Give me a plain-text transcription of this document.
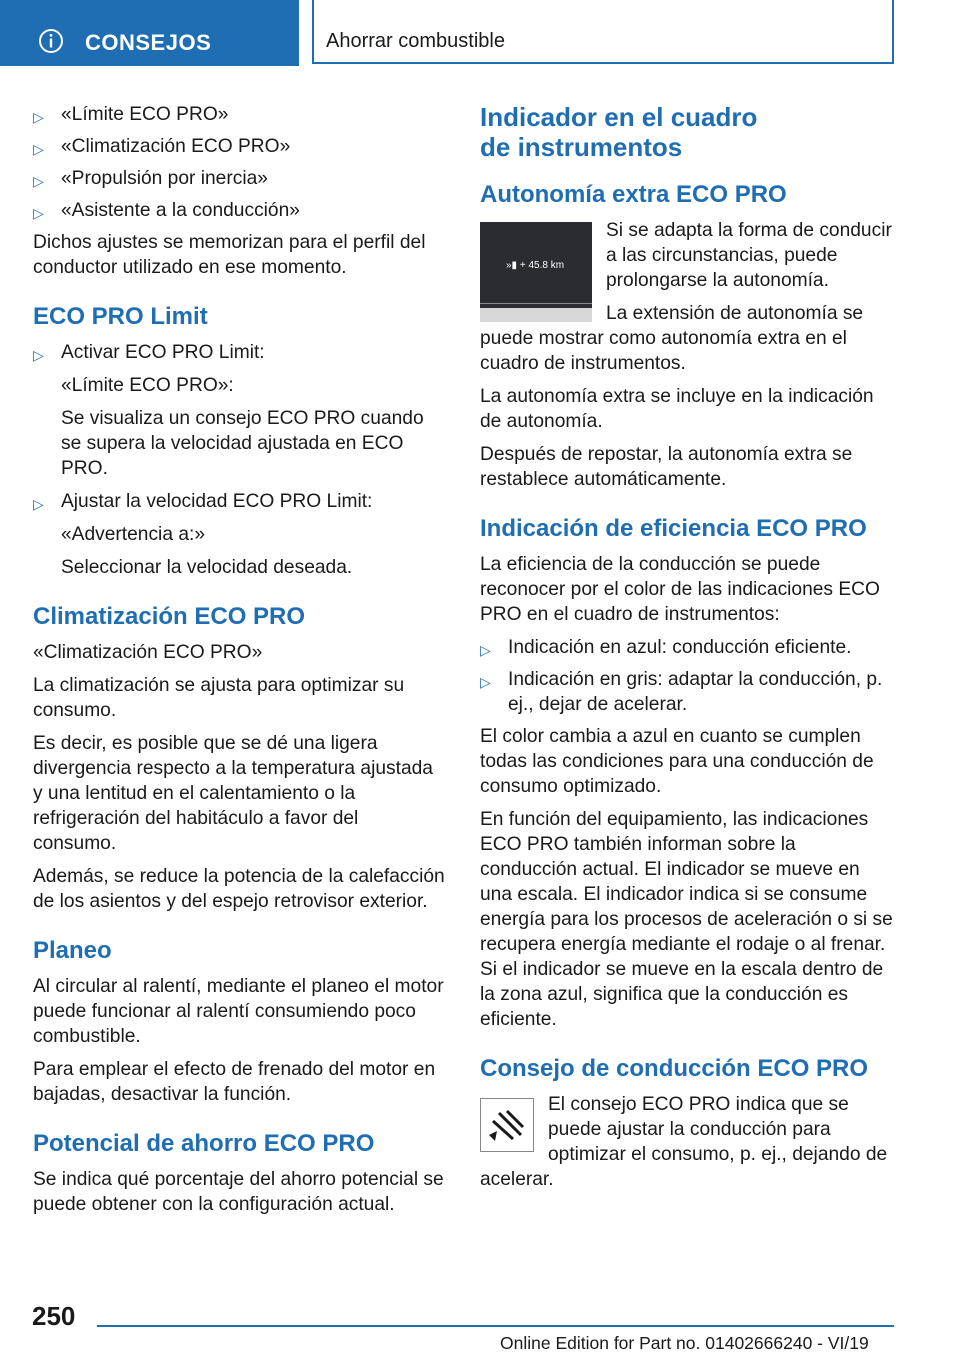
CONSEJOS	Ahorrar combustible
▷ «Límite ECO PRO»
▷ «Climatización ECO PRO»
▷ «Propulsión por inercia»
▷ «Asistente a la conducción»

Dichos ajustes se memorizan para el perfil del conductor utilizado en ese momento.

ECO PRO Limit
▷ Activar ECO PRO Limit:

«Límite ECO PRO»:

Se visualiza un consejo ECO PRO cuando se supera la velocidad ajustada en ECO PRO.

▷ Ajustar la velocidad ECO PRO Limit:

«Advertencia a:»

Seleccionar la velocidad deseada.

Climatización ECO PRO

«Climatización ECO PRO»

La climatización se ajusta para optimizar su consumo.

Es decir, es posible que se dé una ligera divergencia respecto a la temperatura ajustada y una lentitud en el calentamiento o la refrigeración del habitáculo a favor del consumo.

Además, se reduce la potencia de la calefacción de los asientos y del espejo retrovisor exterior.

Planeo

Al circular al ralentí, mediante el planeo el motor puede funcionar al ralentí consumiendo poco combustible.

Para emplear el efecto de frenado del motor en bajadas, desactivar la función.

Potencial de ahorro ECO PRO

Se indica qué porcentaje del ahorro potencial se puede obtener con la configuración actual.

Indicador en el cuadro de instrumentos
Autonomía extra ECO PRO
»▮ + 45.8 km

Si se adapta la forma de conducir a las circunstancias, puede prolongarse la autonomía.

La extensión de autonomía se puede mostrar como autonomía extra en el cuadro de instrumentos.

La autonomía extra se incluye en la indicación de autonomía.

Después de repostar, la autonomía extra se restablece automáticamente.

Indicación de eficiencia ECO PRO

La eficiencia de la conducción se puede reconocer por el color de las indicaciones ECO PRO en el cuadro de instrumentos:

▷ Indicación en azul: conducción eficiente.
▷ Indicación en gris: adaptar la conducción, p. ej., dejar de acelerar.

El color cambia a azul en cuanto se cumplen todas las condiciones para una conducción de consumo optimizado.

En función del equipamiento, las indicaciones ECO PRO también informan sobre la conducción actual. El indicador se mueve en una escala. El indicador indica si se consume energía para los procesos de aceleración o si se recupera energía mediante el rodaje o al frenar. Si el indicador se mueve en la escala dentro de la zona azul, significa que la conducción es eficiente.

Consejo de conducción ECO PRO

El consejo ECO PRO indica que se puede ajustar la conducción para optimizar el consumo, p. ej., dejando de acelerar.

250
Online Edition for Part no. 01402666240 - VI/19
